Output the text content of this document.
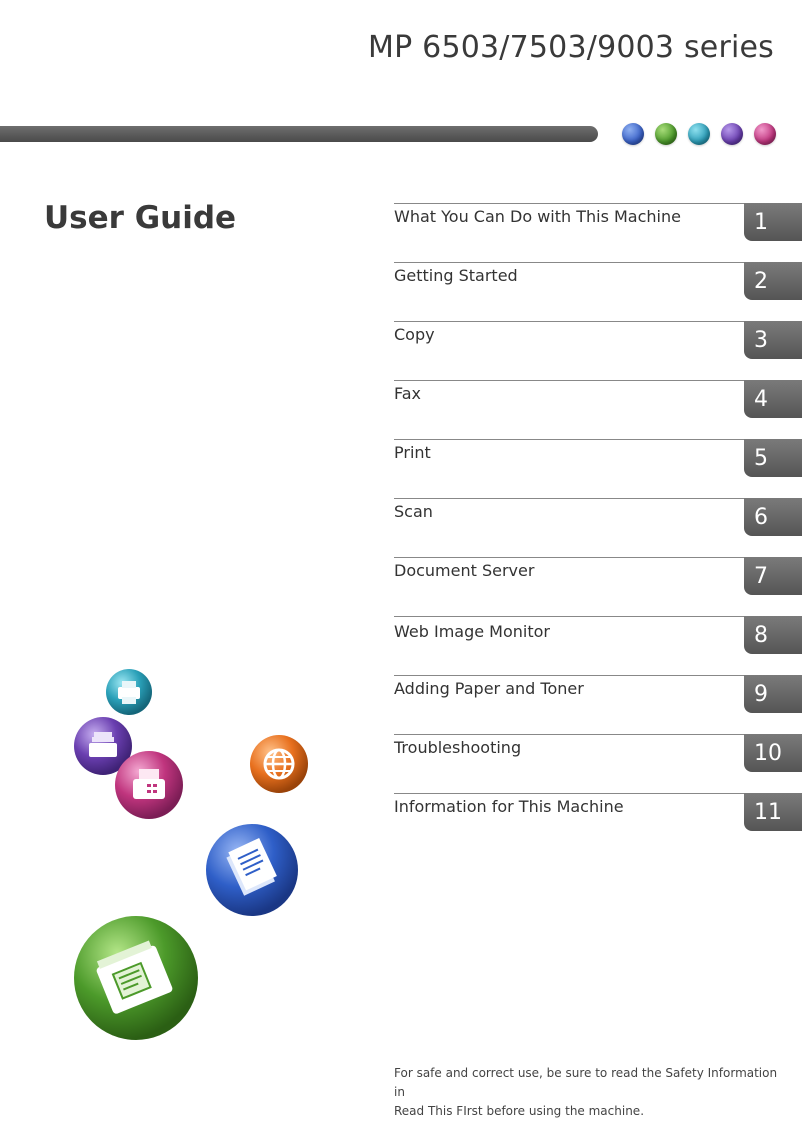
MP 6503/7503/9003 series
User Guide	What You Can Do with This Machine	1
Getting Started	2
Copy	3
Fax	4
Print	5
Scan	6
Document Server	7
Web Image Monitor	8
Adding Paper and Toner	9
Troubleshooting	10
Information for This Machine	11
For safe and correct use, be sure to read the Safety Information in
Read This FIrst before using the machine.
